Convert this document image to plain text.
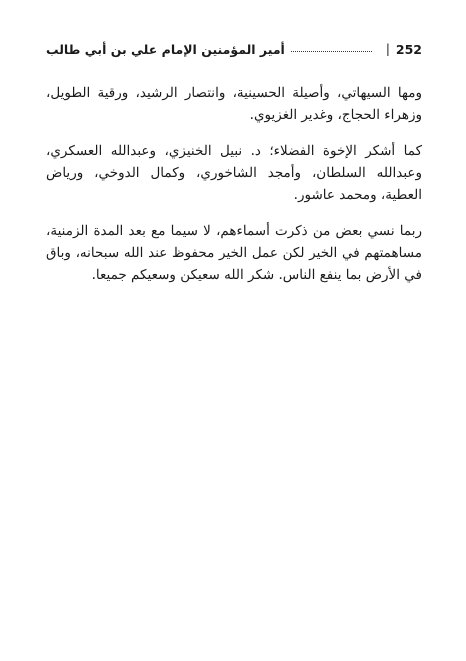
252
|
أمير المؤمنين الإمام علي بن أبي طالب

ومها السيهاتي، وأصيلة الحسينية، وانتصار الرشيد، ورقية الطويل، وزهراء الحجاج، وغدير الغزيوي.

كما أشكر الإخوة الفضلاء؛ د. نبيل الخنيزي، وعبدالله العسكري، وعبدالله السلطان، وأمجد الشاخوري، وكمال الدوخي، ورياض العطية، ومحمد عاشور.

ربما نسي بعض من ذكرت أسماءهم، لا سيما مع بعد المدة الزمنية، مساهمتهم في الخير لكن عمل الخير محفوظ عند الله سبحانه، وباق في الأرض بما ينفع الناس. شكر الله سعيكن وسعيكم جميعا.
